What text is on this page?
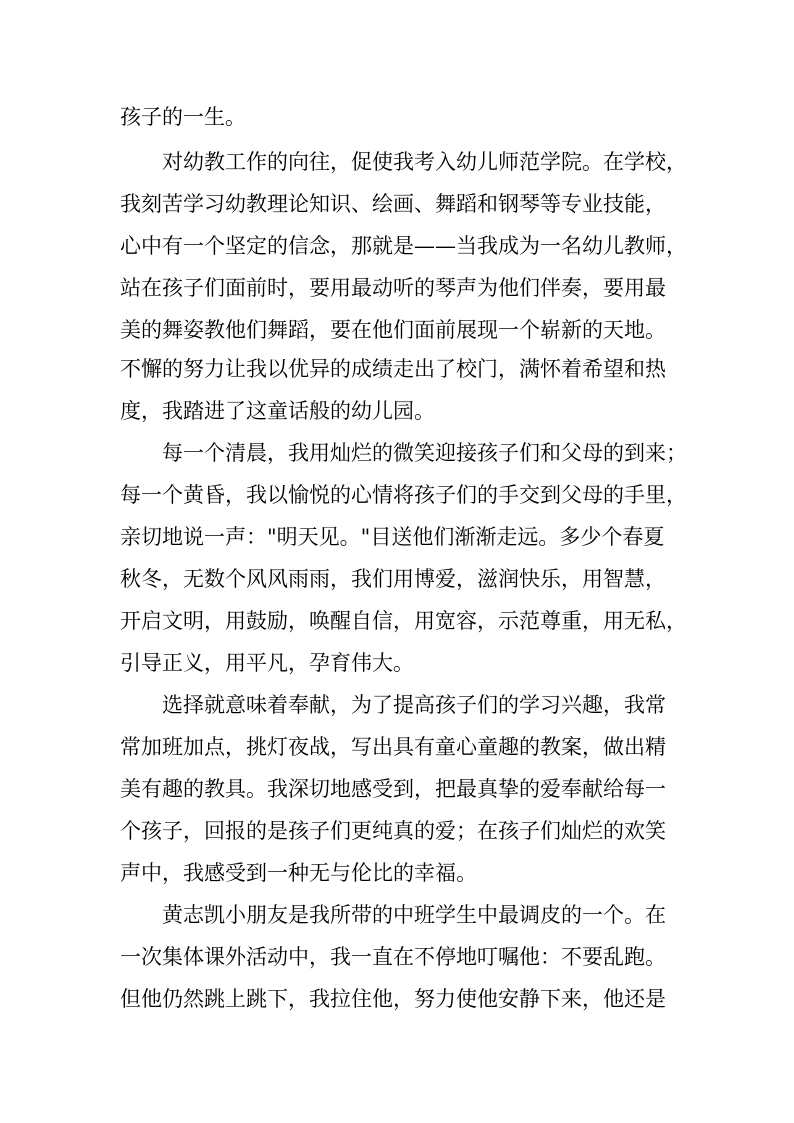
孩子的一生。
对幼教工作的向往，促使我考入幼儿师范学院。在学校，
我刻苦学习幼教理论知识、绘画、舞蹈和钢琴等专业技能，
心中有一个坚定的信念，那就是——当我成为一名幼儿教师，
站在孩子们面前时，要用最动听的琴声为他们伴奏，要用最
美的舞姿教他们舞蹈，要在他们面前展现一个崭新的天地。
不懈的努力让我以优异的成绩走出了校门，满怀着希望和热
度，我踏进了这童话般的幼儿园。
每一个清晨，我用灿烂的微笑迎接孩子们和父母的到来；
每一个黄昏，我以愉悦的心情将孩子们的手交到父母的手里，
亲切地说一声："明天见。"目送他们渐渐走远。多少个春夏
秋冬，无数个风风雨雨，我们用博爱，滋润快乐，用智慧，
开启文明，用鼓励，唤醒自信，用宽容，示范尊重，用无私，
引导正义，用平凡，孕育伟大。
选择就意味着奉献，为了提高孩子们的学习兴趣，我常
常加班加点，挑灯夜战，写出具有童心童趣的教案，做出精
美有趣的教具。我深切地感受到，把最真挚的爱奉献给每一
个孩子，回报的是孩子们更纯真的爱；在孩子们灿烂的欢笑
声中，我感受到一种无与伦比的幸福。
黄志凯小朋友是我所带的中班学生中最调皮的一个。在
一次集体课外活动中，我一直在不停地叮嘱他：不要乱跑。
但他仍然跳上跳下，我拉住他，努力使他安静下来，他还是
